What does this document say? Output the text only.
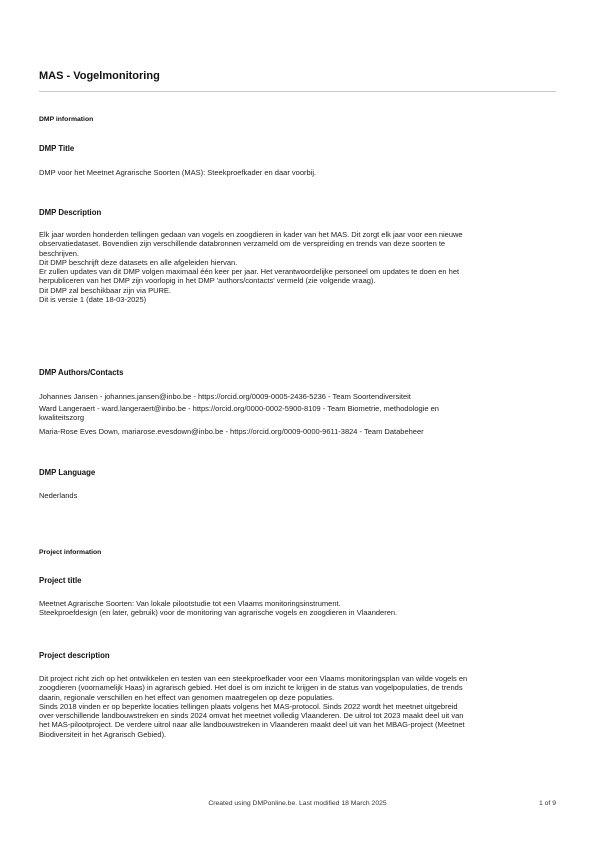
MAS - Vogelmonitoring
DMP information
DMP Title
DMP voor het Meetnet Agrarische Soorten (MAS): Steekproefkader en daar voorbij.
DMP Description
Elk jaar worden honderden tellingen gedaan van vogels en zoogdieren in kader van het MAS. Dit zorgt elk jaar voor een nieuwe
observatiedataset. Bovendien zijn verschillende databronnen verzameld om de verspreiding en trends van deze soorten te
beschrijven.
Dit DMP beschrijft deze datasets en alle afgeleiden hiervan.
Er zullen updates van dit DMP volgen maximaal één keer per jaar. Het verantwoordelijke personeel om updates te doen en het
herpubliceren van het DMP zijn voorlopig in het DMP 'authors/contacts' vermeld (zie volgende vraag).
Dit DMP zal beschikbaar zijn via PURE.
Dit is versie 1 (date 18-03-2025)
DMP Authors/Contacts
Johannes Jansen - johannes.jansen@inbo.be - https://orcid.org/0009-0005-2436-5236 - Team Soortendiversiteit
Ward Langeraert - ward.langeraert@inbo.be - https://orcid.org/0000-0002-5900-8109 - Team Biometrie, methodologie en
kwaliteitszorg
Maria-Rose Eves Down, mariarose.evesdown@inbo.be - https://orcid.org/0009-0000-9611-3824 - Team Databeheer
DMP Language
Nederlands
Project information
Project title
Meetnet Agrarische Soorten: Van lokale pilootstudie tot een Vlaams monitoringsinstrument.
Steekproefdesign (en later, gebruik) voor de monitoring van agrarische vogels en zoogdieren in Vlaanderen.
Project description
Dit project richt zich op het ontwikkelen en testen van een steekproefkader voor een Vlaams monitoringsplan van wilde vogels en
zoogdieren (voornamelijk Haas) in agrarisch gebied. Het doel is om inzicht te krijgen in de status van vogelpopulaties, de trends
daarin, regionale verschillen en het effect van genomen maatregelen op deze populaties.
Sinds 2018 vinden er op beperkte locaties tellingen plaats volgens het MAS-protocol. Sinds 2022 wordt het meetnet uitgebreid
over verschillende landbouwstreken en sinds 2024 omvat het meetnet volledig Vlaanderen. De uitrol tot 2023 maakt deel uit van
het MAS-pilootproject. De verdere uitrol naar alle landbouwstreken in Vlaanderen maakt deel uit van het MBAG-project (Meetnet
Biodiversiteit in het Agrarisch Gebied).
Created using DMPonline.be. Last modified 18 March 2025	1 of 9
